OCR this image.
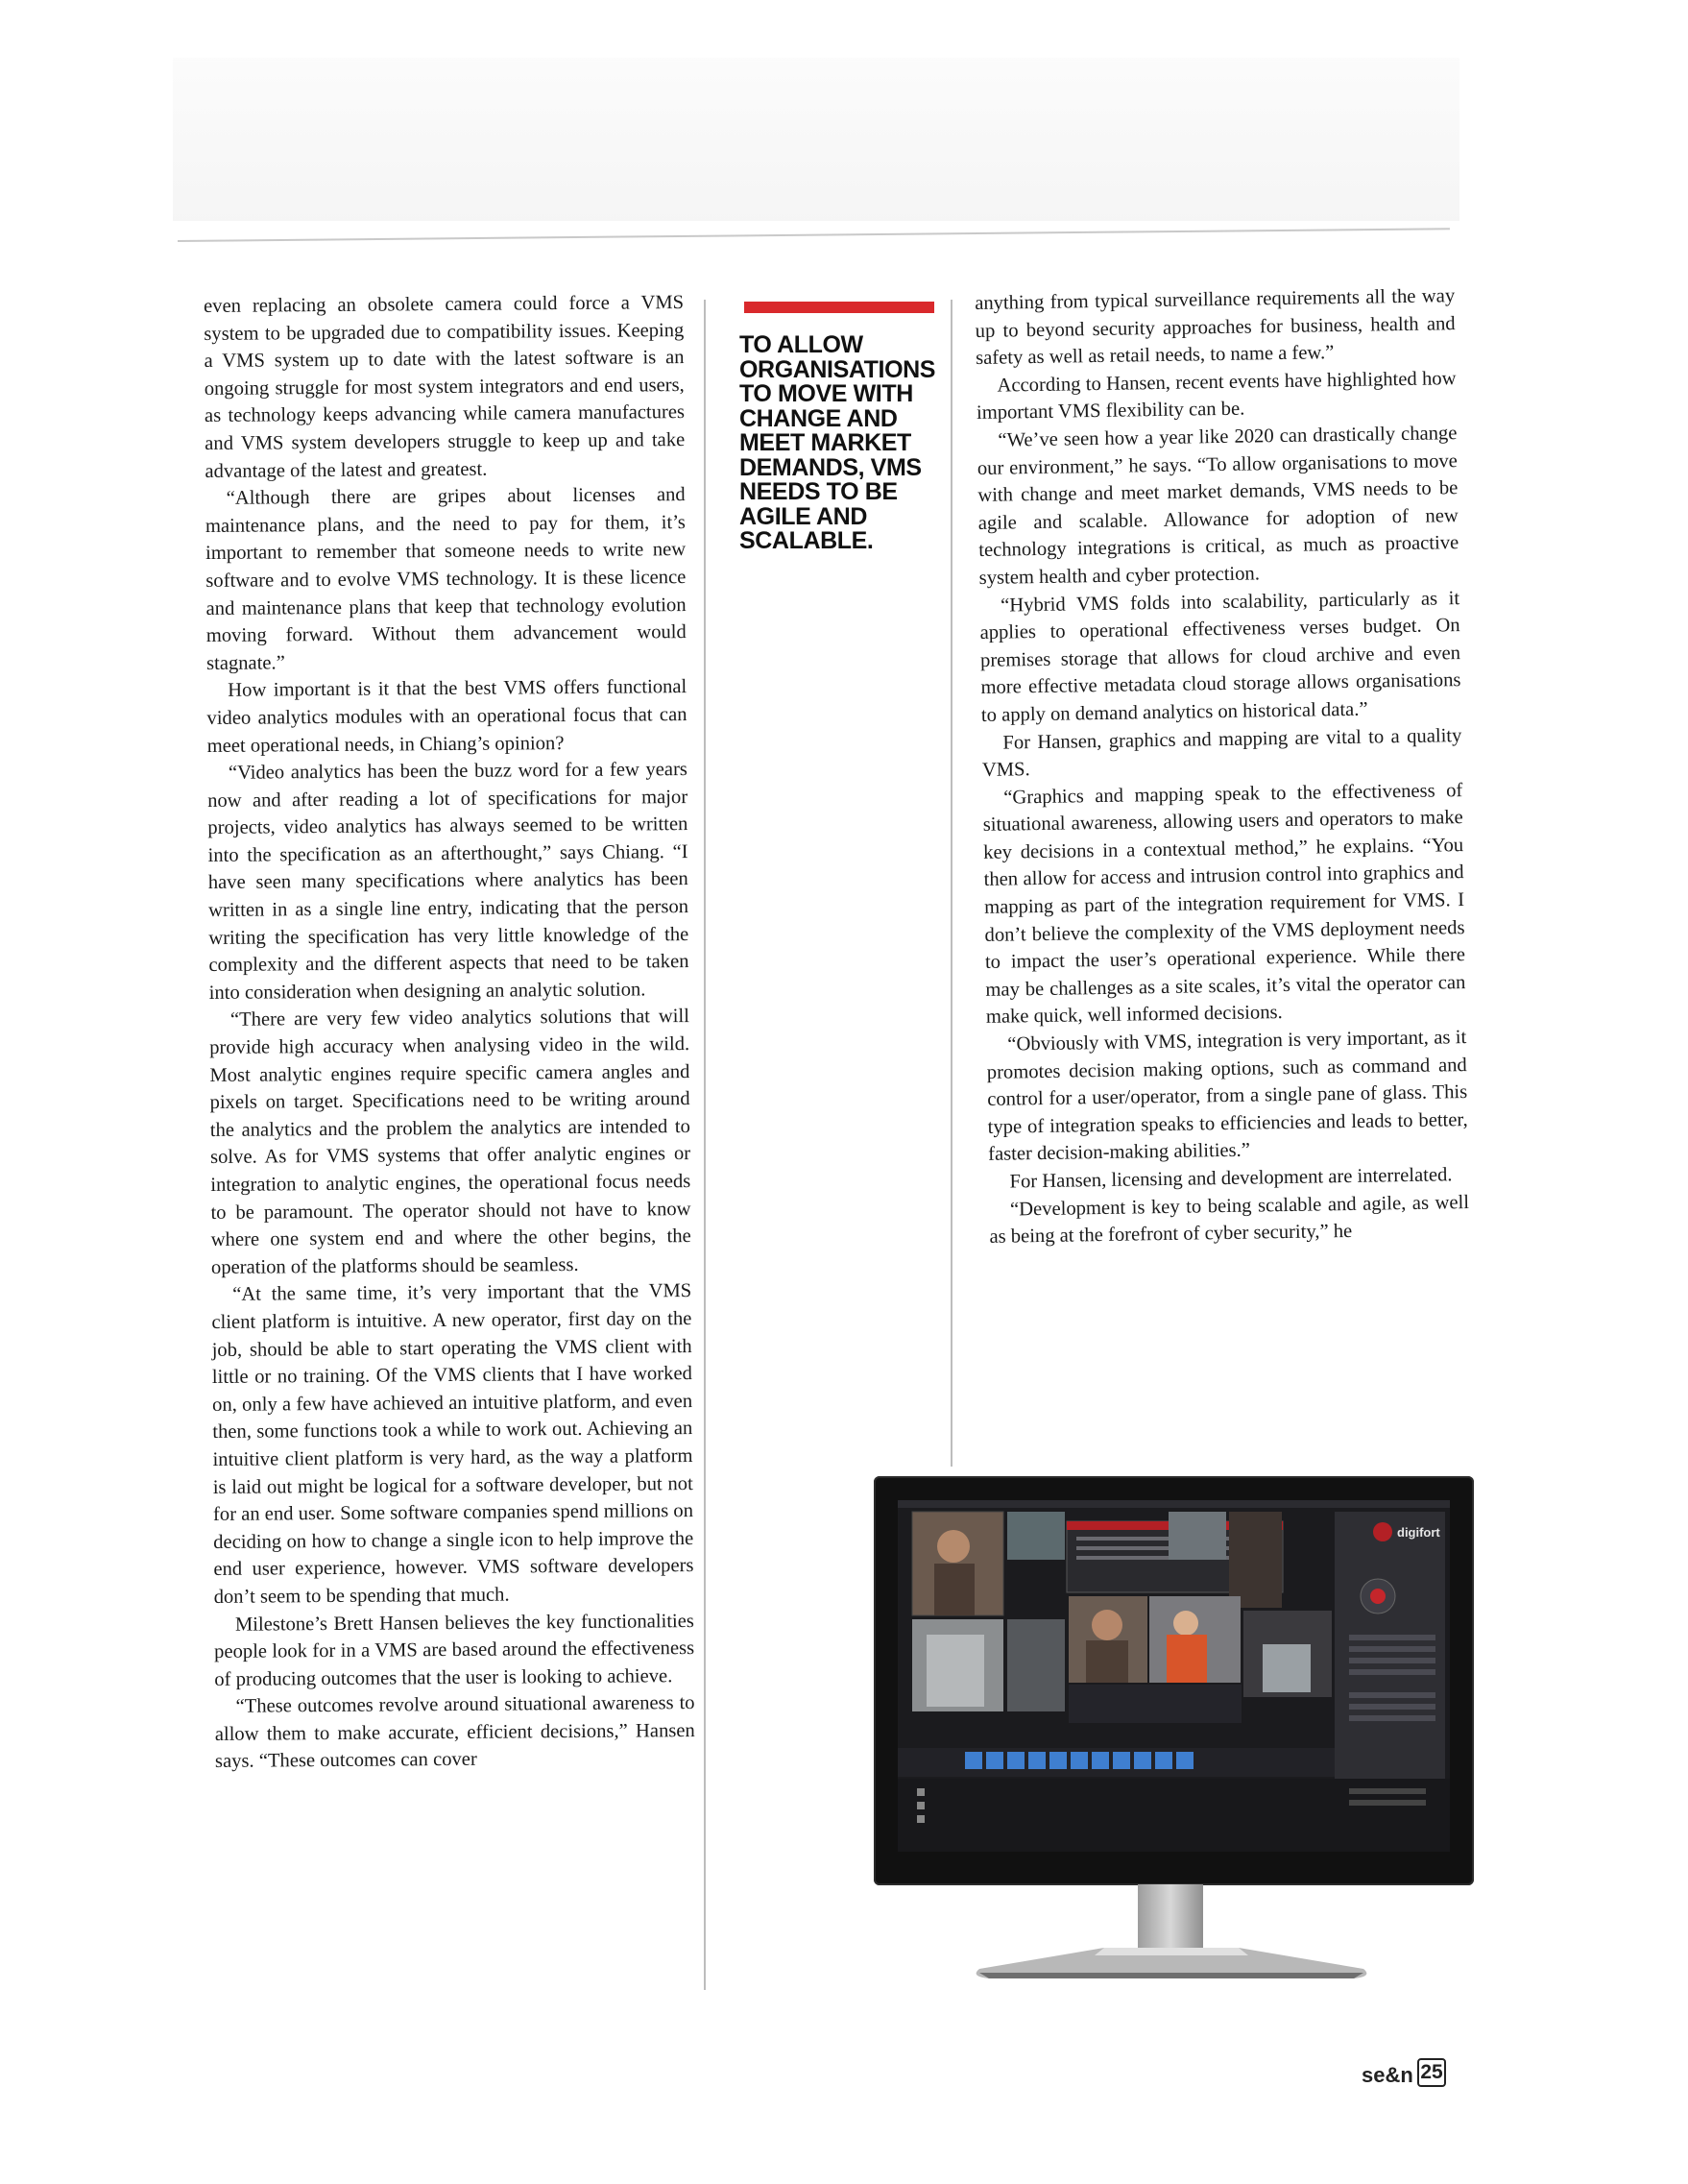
even replacing an obsolete camera could force a VMS system to be upgraded due to compatibility issues. Keeping a VMS system up to date with the latest software is an ongoing struggle for most system integrators and end users, as technology keeps advancing while camera manufactures and VMS system developers struggle to keep up and take advantage of the latest and greatest.

“Although there are gripes about licenses and maintenance plans, and the need to pay for them, it’s important to remember that someone needs to write new software and to evolve VMS technology. It is these licence and maintenance plans that keep that technology evolution moving forward. Without them advancement would stagnate.”

How important is it that the best VMS offers functional video analytics modules with an operational focus that can meet operational needs, in Chiang’s opinion?

“Video analytics has been the buzz word for a few years now and after reading a lot of specifications for major projects, video analytics has always seemed to be written into the specification as an afterthought,” says Chiang. “I have seen many specifications where analytics has been written in as a single line entry, indicating that the person writing the specification has very little knowledge of the complexity and the different aspects that need to be taken into consideration when designing an analytic solution.

“There are very few video analytics solutions that will provide high accuracy when analysing video in the wild. Most analytic engines require specific camera angles and pixels on target. Specifications need to be writing around the analytics and the problem the analytics are intended to solve. As for VMS systems that offer analytic engines or integration to analytic engines, the operational focus needs to be paramount. The operator should not have to know where one system end and where the other begins, the operation of the platforms should be seamless.

“At the same time, it’s very important that the VMS client platform is intuitive. A new operator, first day on the job, should be able to start operating the VMS client with little or no training. Of the VMS clients that I have worked on, only a few have achieved an intuitive platform, and even then, some functions took a while to work out. Achieving an intuitive client platform is very hard, as the way a platform is laid out might be logical for a software developer, but not for an end user. Some software companies spend millions on deciding on how to change a single icon to help improve the end user experience, however. VMS software developers don’t seem to be spending that much.

Milestone’s Brett Hansen believes the key functionalities people look for in a VMS are based around the effectiveness of producing outcomes that the user is looking to achieve.

“These outcomes revolve around situational awareness to allow them to make accurate, efficient decisions,” Hansen says. “These outcomes can cover

TO ALLOW ORGANISATIONS TO MOVE WITH CHANGE AND MEET MARKET DEMANDS, VMS NEEDS TO BE AGILE AND SCALABLE.

anything from typical surveillance requirements all the way up to beyond security approaches for business, health and safety as well as retail needs, to name a few.”

According to Hansen, recent events have highlighted how important VMS flexibility can be.

“We’ve seen how a year like 2020 can drastically change our environment,” he says. “To allow organisations to move with change and meet market demands, VMS needs to be agile and scalable. Allowance for adoption of new technology integrations is critical, as much as proactive system health and cyber protection.

“Hybrid VMS folds into scalability, particularly as it applies to operational effectiveness verses budget. On premises storage that allows for cloud archive and even more effective metadata cloud storage allows organisations to apply on demand analytics on historical data.”

For Hansen, graphics and mapping are vital to a quality VMS.

“Graphics and mapping speak to the effectiveness of situational awareness, allowing users and operators to make key decisions in a contextual method,” he explains. “You then allow for access and intrusion control into graphics and mapping as part of the integration requirement for VMS. I don’t believe the complexity of the VMS deployment needs to impact the user’s operational experience. While there may be challenges as a site scales, it’s vital the operator can make quick, well informed decisions.

“Obviously with VMS, integration is very important, as it promotes decision making options, such as command and control for a user/operator, from a single pane of glass. This type of integration speaks to efficiencies and leads to better, faster decision-making abilities.”

For Hansen, licensing and development are interrelated.

“Development is key to being scalable and agile, as well as being at the forefront of cyber security,” he

digifort
se&n 25
